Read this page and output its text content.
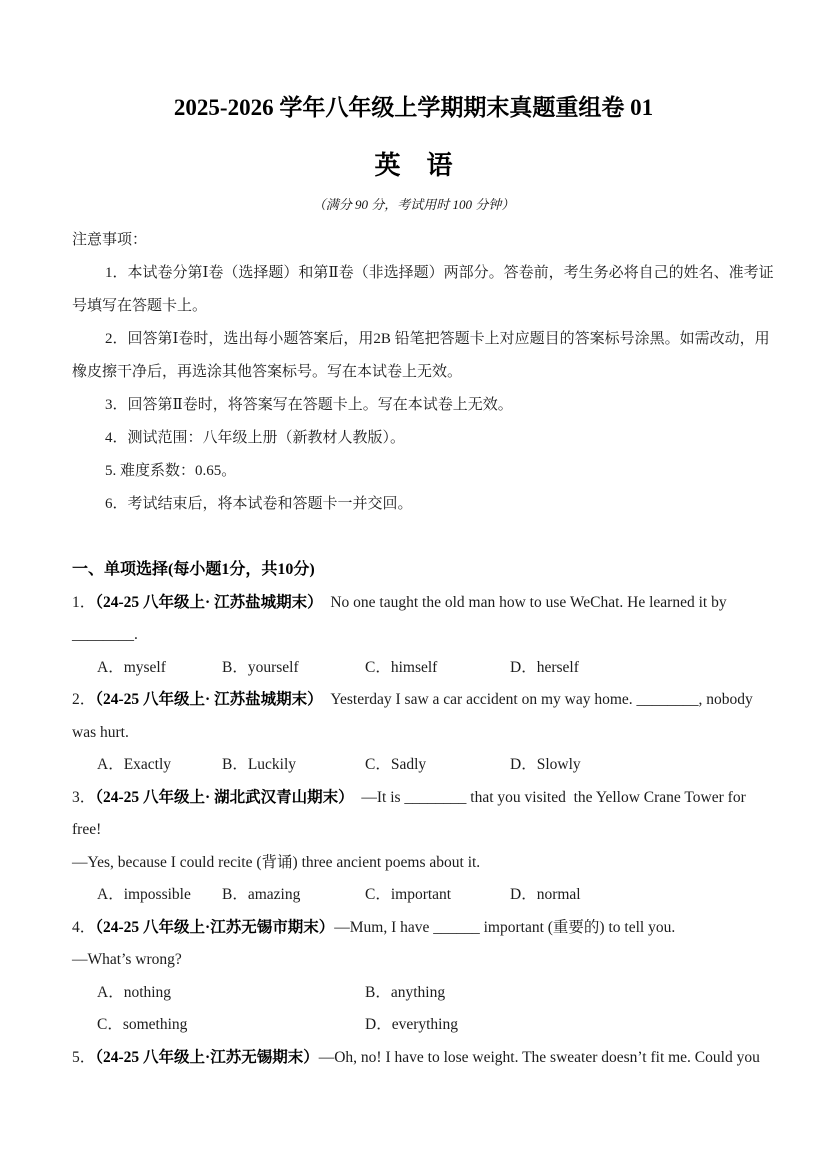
2025-2026 学年八年级上学期期末真题重组卷 01
英　语
（满分 90 分，考试用时 100 分钟）

注意事项：

1．本试卷分第Ⅰ卷（选择题）和第Ⅱ卷（非选择题）两部分。答卷前，考生务必将自己的姓名、准考证

号填写在答题卡上。

2．回答第Ⅰ卷时，选出每小题答案后，用2B 铅笔把答题卡上对应题目的答案标号涂黑。如需改动，用

橡皮擦干净后，再选涂其他答案标号。写在本试卷上无效。

3．回答第Ⅱ卷时，将答案写在答题卡上。写在本试卷上无效。

4．测试范围：八年级上册（新教材人教版）。

5. 难度系数：0.65。

6．考试结束后，将本试卷和答题卡一并交回。

一、单项选择(每小题1分，共10分)

1．（24-25 八年级上· 江苏盐城期末）  No one taught the old man how to use WeChat. He learned it by

________.

A．myself	B．yourself	C．himself	D．herself

2．（24-25 八年级上· 江苏盐城期末）  Yesterday I saw a car accident on my way home. ________, nobody

was hurt.

A．Exactly	B．Luckily	C．Sadly	D．Slowly

3．（24-25 八年级上· 湖北武汉青山期末）  —It is ________ that you visited  the Yellow Crane Tower for

free!

—Yes, because I could recite (背诵) three ancient poems about it.

A．impossible	B．amazing	C．important	D．normal

4．（24-25 八年级上·江苏无锡市期末）—Mum, I have ______ important (重要的) to tell you.

—What’s wrong?

A．nothing	B．anything
C．something	D．everything

5．（24-25 八年级上·江苏无锡期末）—Oh, no! I have to lose weight. The sweater doesn’t fit me. Could you
